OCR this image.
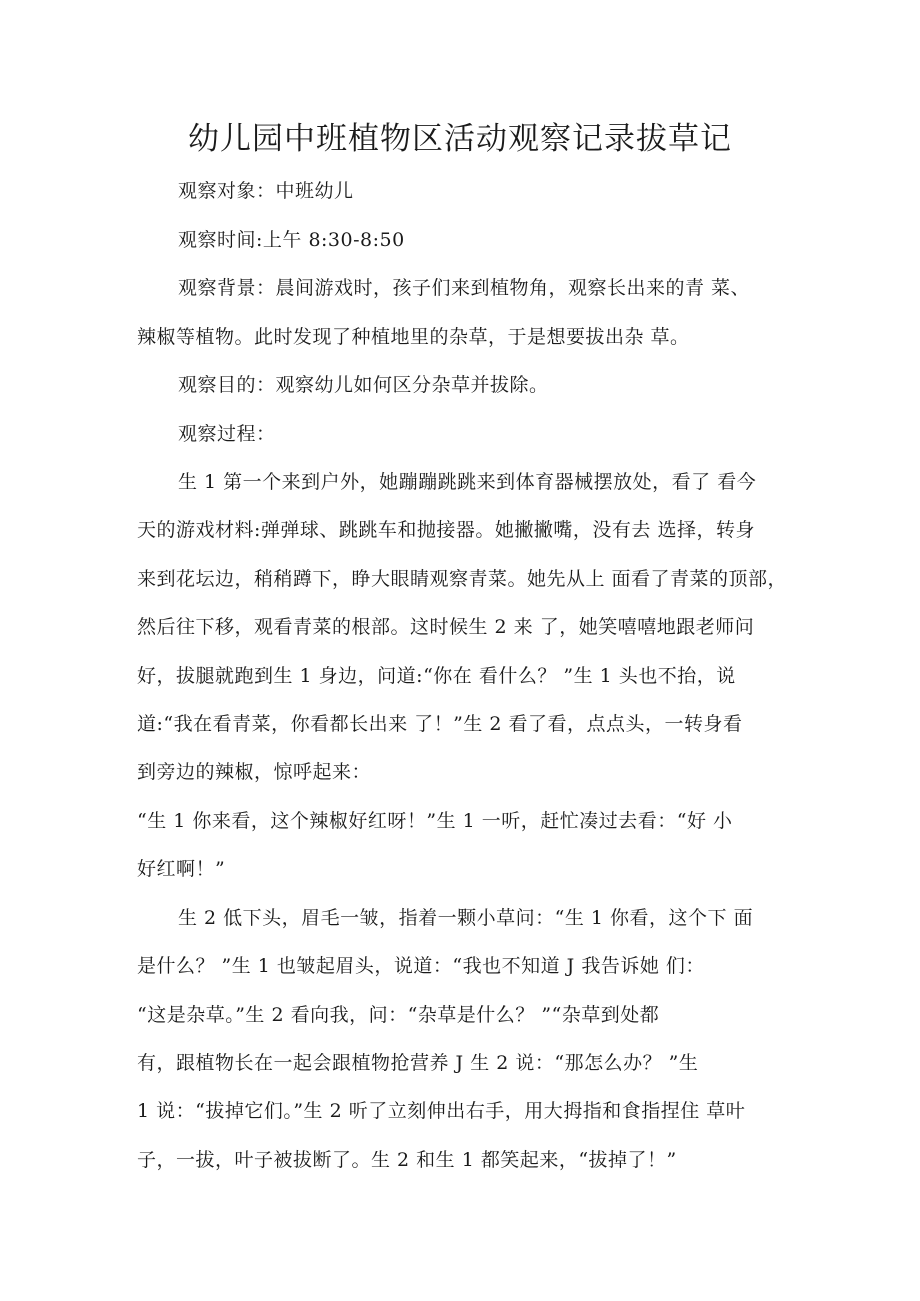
幼儿园中班植物区活动观察记录拔草记
观察对象：中班幼儿
观察时间:上午 8:30-8:50
观察背景：晨间游戏时，孩子们来到植物角，观察长出来的青 菜、
辣椒等植物。此时发现了种植地里的杂草，于是想要拔出杂 草。
观察目的：观察幼儿如何区分杂草并拔除。
观察过程：
生 1 第一个来到户外，她蹦蹦跳跳来到体育器械摆放处，看了 看今
天的游戏材料:弹弹球、跳跳车和抛接器。她撇撇嘴，没有去 选择，转身
来到花坛边，稍稍蹲下，睁大眼睛观察青菜。她先从上 面看了青菜的顶部，
然后往下移，观看青菜的根部。这时候生 2 来 了，她笑嘻嘻地跟老师问
好，拔腿就跑到生 1 身边，问道:“你在 看什么？ ”生 1 头也不抬，说
道:“我在看青菜，你看都长出来 了！”生 2 看了看，点点头，一转身看
到旁边的辣椒，惊呼起来：
“生 1 你来看，这个辣椒好红呀！”生 1 一听，赶忙凑过去看：“好 小
好红啊！”
生 2 低下头，眉毛一皱，指着一颗小草问：“生 1 你看，这个下 面
是什么？ ”生 1 也皱起眉头，说道：“我也不知道 J 我告诉她 们：
“这是杂草。”生 2 看向我，问：“杂草是什么？ ”“杂草到处都
有，跟植物长在一起会跟植物抢营养 J 生 2 说：“那怎么办？ ”生
1 说：“拔掉它们。”生 2 听了立刻伸出右手，用大拇指和食指捏住 草叶
子，一拔，叶子被拔断了。生 2 和生 1 都笑起来，“拔掉了！”
